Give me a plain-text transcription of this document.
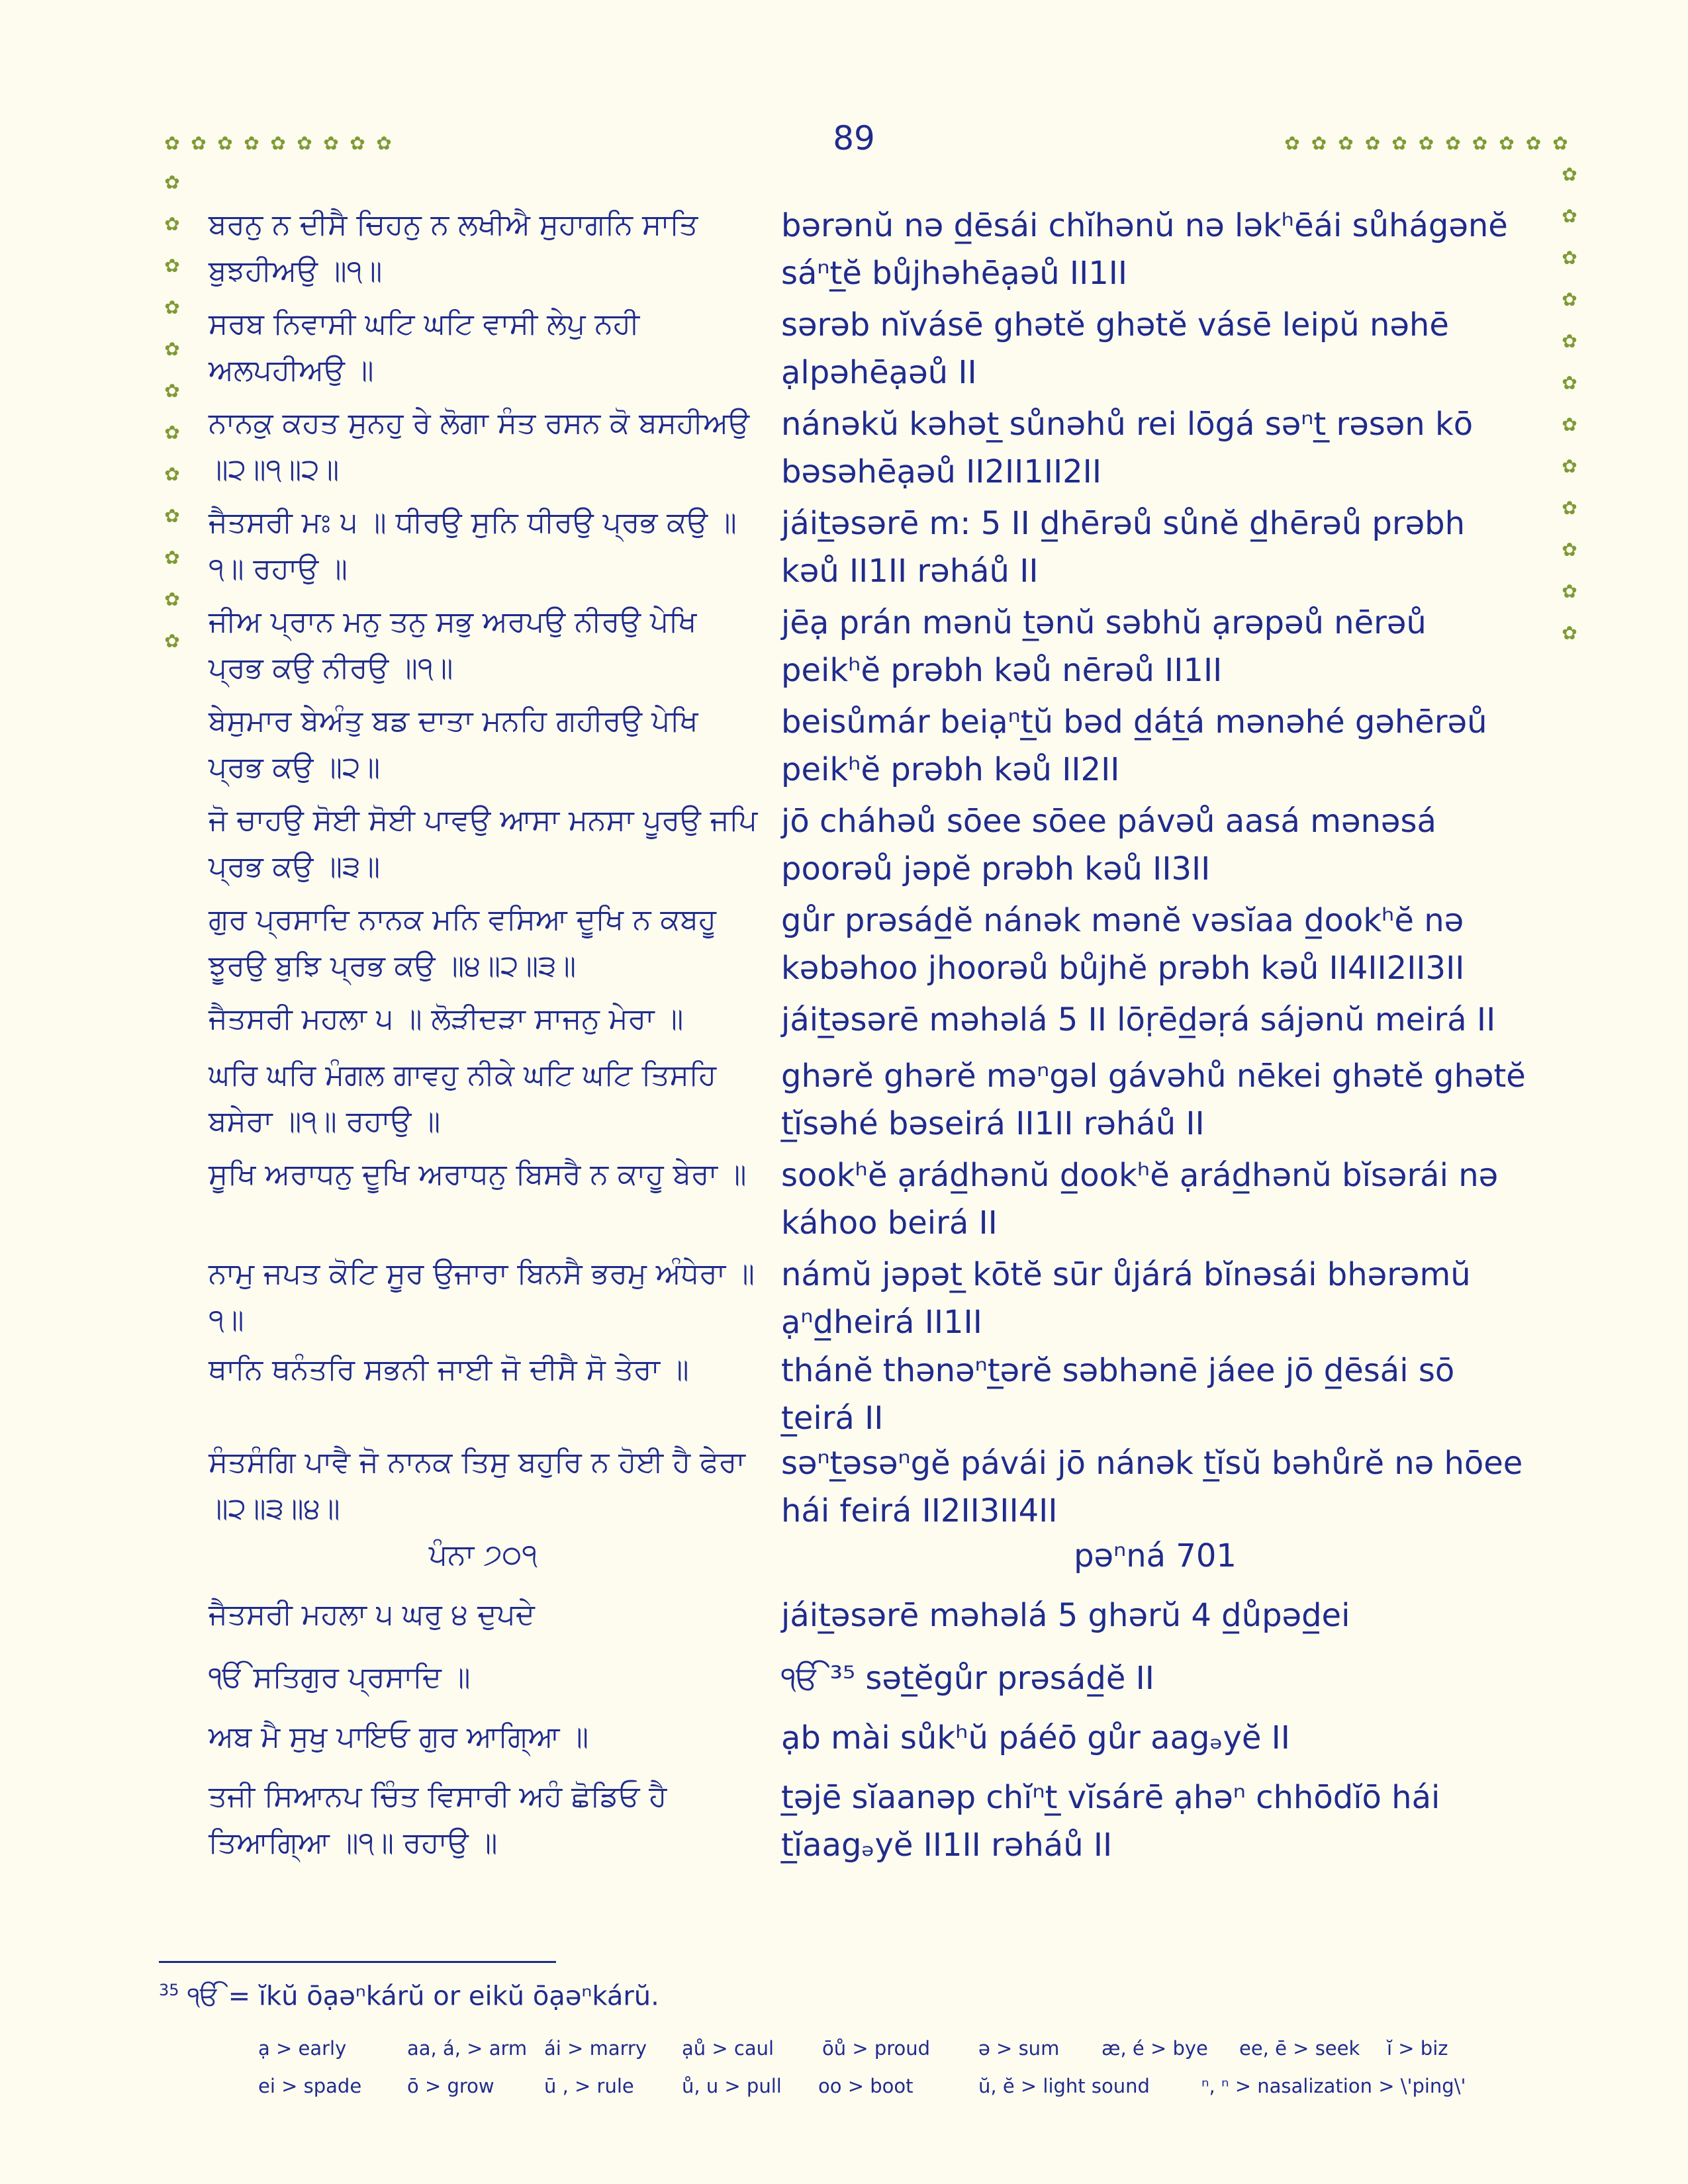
89
ਬਰਨੁ ਨ ਦੀਸੈ ਚਿਹਨੁ ਨ ਲਖੀਐ ਸੁਹਾਗਨਿ ਸਾਤਿ ਬੁਝਹੀਅਉ ॥੧॥
bərənŭ nə d̲ēsái chĭhənŭ nə ləkʰēái sůhágənĕ sáⁿt̲ĕ bůjhəhēạəů II1II
ਸਰਬ ਨਿਵਾਸੀ ਘਟਿ ਘਟਿ ਵਾਸੀ ਲੇਪੁ ਨਹੀ ਅਲਪਹੀਅਉ ॥
sərəb nĭvásē ghətĕ ghətĕ vásē leipŭ nəhē ạlpəhēạəů II
ਨਾਨਕੁ ਕਹਤ ਸੁਨਹੁ ਰੇ ਲੋਗਾ ਸੰਤ ਰਸਨ ਕੋ ਬਸਹੀਅਉ ॥੨॥੧॥੨॥
nánəkŭ kəhət̲ sůnəhů rei lōgá səⁿt̲ rəsən kō bəsəhēạəů II2II1II2II
ਜੈਤਸਰੀ ਮਃ ੫ ॥ ਧੀਰਉ ਸੁਨਿ ਧੀਰਉ ਪ੍ਰਭ ਕਉ ॥੧॥ ਰਹਾਉ ॥
jáit̲əsərē m: 5 II d̲hērəů sůnĕ d̲hērəů prəbh kəů II1II rəháů II
ਜੀਅ ਪ੍ਰਾਨ ਮਨੁ ਤਨੁ ਸਭੁ ਅਰਪਉ ਨੀਰਉ ਪੇਖਿ ਪ੍ਰਭ ਕਉ ਨੀਰਉ ॥੧॥
jēạ prán mənŭ t̲ənŭ səbhŭ ạrəpəů nērəů peikʰĕ prəbh kəů nērəů II1II
ਬੇਸੁਮਾਰ ਬੇਅੰਤੁ ਬਡ ਦਾਤਾ ਮਨਹਿ ਗਹੀਰਉ ਪੇਖਿ ਪ੍ਰਭ ਕਉ ॥੨॥
beisůmár beiạⁿt̲ŭ bəd d̲át̲á mənəhé gəhērəů peikʰĕ prəbh kəů II2II
ਜੋ ਚਾਹਉ ਸੋਈ ਸੋਈ ਪਾਵਉ ਆਸਾ ਮਨਸਾ ਪੂਰਉ ਜਪਿ ਪ੍ਰਭ ਕਉ ॥੩॥
jō cháhəů sōee sōee pávəů aasá mənəsá poorəů jəpĕ prəbh kəů II3II
ਗੁਰ ਪ੍ਰਸਾਦਿ ਨਾਨਕ ਮਨਿ ਵਸਿਆ ਦੂਖਿ ਨ ਕਬਹੂ ਝੂਰਉ ਬੁਝਿ ਪ੍ਰਭ ਕਉ ॥੪॥੨॥੩॥
gůr prəsád̲ĕ nánək mənĕ vəsĭaa d̲ookʰĕ nə kəbəhoo jhoorəů bůjhĕ prəbh kəů II4II2II3II
ਜੈਤਸਰੀ ਮਹਲਾ ੫ ॥ ਲੋੜੀਦੜਾ ਸਾਜਨੁ ਮੇਰਾ ॥	jáit̲əsərē məhəlá 5 II lōṛēd̲əṛá sájənŭ meirá II
ਘਰਿ ਘਰਿ ਮੰਗਲ ਗਾਵਹੁ ਨੀਕੇ ਘਟਿ ਘਟਿ ਤਿਸਹਿ ਬਸੇਰਾ ॥੧॥ ਰਹਾਉ ॥
ghərĕ ghərĕ məⁿgəl gávəhů nēkei ghətĕ ghətĕ t̲ĭsəhé bəseirá II1II rəháů II
ਸੂਖਿ ਅਰਾਧਨੁ ਦੂਖਿ ਅਰਾਧਨੁ ਬਿਸਰੈ ਨ ਕਾਹੂ ਬੇਰਾ ॥	sookʰĕ ạrád̲hənŭ d̲ookʰĕ ạrád̲hənŭ bĭsərái nə káhoo beirá II
ਨਾਮੁ ਜਪਤ ਕੋਟਿ ਸੂਰ ਉਜਾਰਾ ਬਿਨਸੈ ਭਰਮੁ ਅੰਧੇਰਾ ॥੧॥
námŭ jəpət̲ kōtĕ sūr ůjárá bĭnəsái bhərəmŭ ạⁿd̲heirá II1II
ਥਾਨਿ ਥਨੰਤਰਿ ਸਭਨੀ ਜਾਈ ਜੋ ਦੀਸੈ ਸੋ ਤੇਰਾ ॥	thánĕ thənəⁿt̲ərĕ səbhənē jáee jō d̲ēsái sō t̲eirá II
ਸੰਤਸੰਗਿ ਪਾਵੈ ਜੋ ਨਾਨਕ ਤਿਸੁ ਬਹੁਰਿ ਨ ਹੋਈ ਹੈ ਫੇਰਾ ॥੨॥੩॥੪॥
səⁿt̲əsəⁿgĕ pávái jō nánək t̲ĭsŭ bəhůrĕ nə hōee hái feirá II2II3II4II
ਪੰਨਾ ੭੦੧	pəⁿná 701
ਜੈਤਸਰੀ ਮਹਲਾ ੫ ਘਰੁ ੪ ਦੁਪਦੇ	jáit̲əsərē məhəlá 5 ghərŭ 4 d̲ůpəd̲ei
ੴ ਸਤਿਗੁਰ ਪ੍ਰਸਾਦਿ ॥	ੴ ³⁵ sət̲ĕgůr prəsád̲ĕ II
ਅਬ ਮੈ ਸੁਖੁ ਪਾਇਓ ਗੁਰ ਆਗਿ੍ਆ ॥	ạb mài sůkʰŭ páéō gůr aagₔyĕ II
ਤਜੀ ਸਿਆਨਪ ਚਿੰਤ ਵਿਸਾਰੀ ਅਹੰ ਛੋਡਿਓ ਹੈ ਤਿਆਗਿ੍ਆ ॥੧॥ ਰਹਾਉ ॥
t̲əjē sĭaanəp chĭⁿt̲ vĭsárē ạhəⁿ chhōdĭō hái t̲ĭaagₔyĕ II1II rəháů II
$^{35}$ ੴ = ĭkŭ ōạəⁿkárŭ or eikŭ ōạəⁿkárŭ.
ạ > early	aa, á, > arm ái > marry ạů > caul	ōů > proud	ə > sum æ, é > bye ee, ē > seek ĭ > biz
ei > spade ō > grow	ū , > rule ů, u > pull oo > boot	ŭ, ĕ > light sound	ⁿ, ⁿ > nasalization > \'ping\'
✿ ✿ ✿ ✿ ✿ ✿ ✿ ✿ ✿	✿ ✿ ✿ ✿ ✿ ✿ ✿ ✿ ✿ ✿ ✿
✿
✿
✿
✿
✿
✿
✿
✿
✿
✿
✿
✿
✿
✿
✿
✿
✿
✿
✿
✿
✿
✿
✿
✿
